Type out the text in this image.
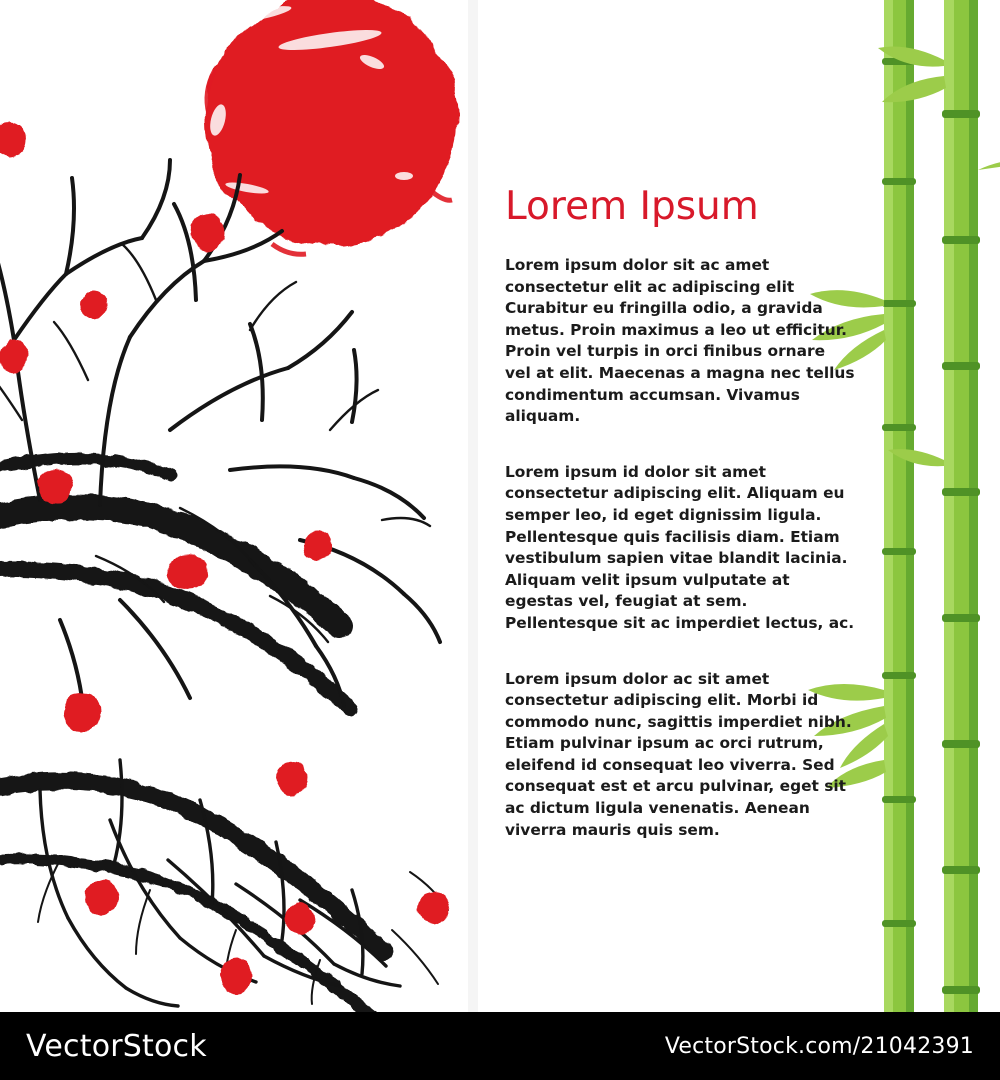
Lorem Ipsum

Lorem ipsum dolor sit ac amet consectetur elit ac adipiscing elit Curabitur eu fringilla odio, a gravida metus. Proin maximus a leo ut efficitur. Proin vel turpis in orci finibus ornare vel at elit. Maecenas a magna nec tellus condimentum accumsan. Vivamus aliquam.

Lorem ipsum id dolor sit amet consectetur adipiscing elit. Aliquam eu semper leo, id eget dignissim ligula. Pellentesque quis facilisis diam. Etiam vestibulum sapien vitae blandit lacinia. Aliquam velit ipsum vulputate at egestas vel, feugiat at sem. Pellentesque sit ac imperdiet lectus, ac.

Lorem ipsum dolor ac sit amet consectetur adipiscing elit. Morbi id commodo nunc, sagittis imperdiet nibh. Etiam pulvinar ipsum ac orci rutrum, eleifend id consequat leo viverra. Sed consequat est et arcu pulvinar, eget sit ac dictum ligula venenatis. Aenean viverra mauris quis sem.

VectorStock	VectorStock.com/21042391
